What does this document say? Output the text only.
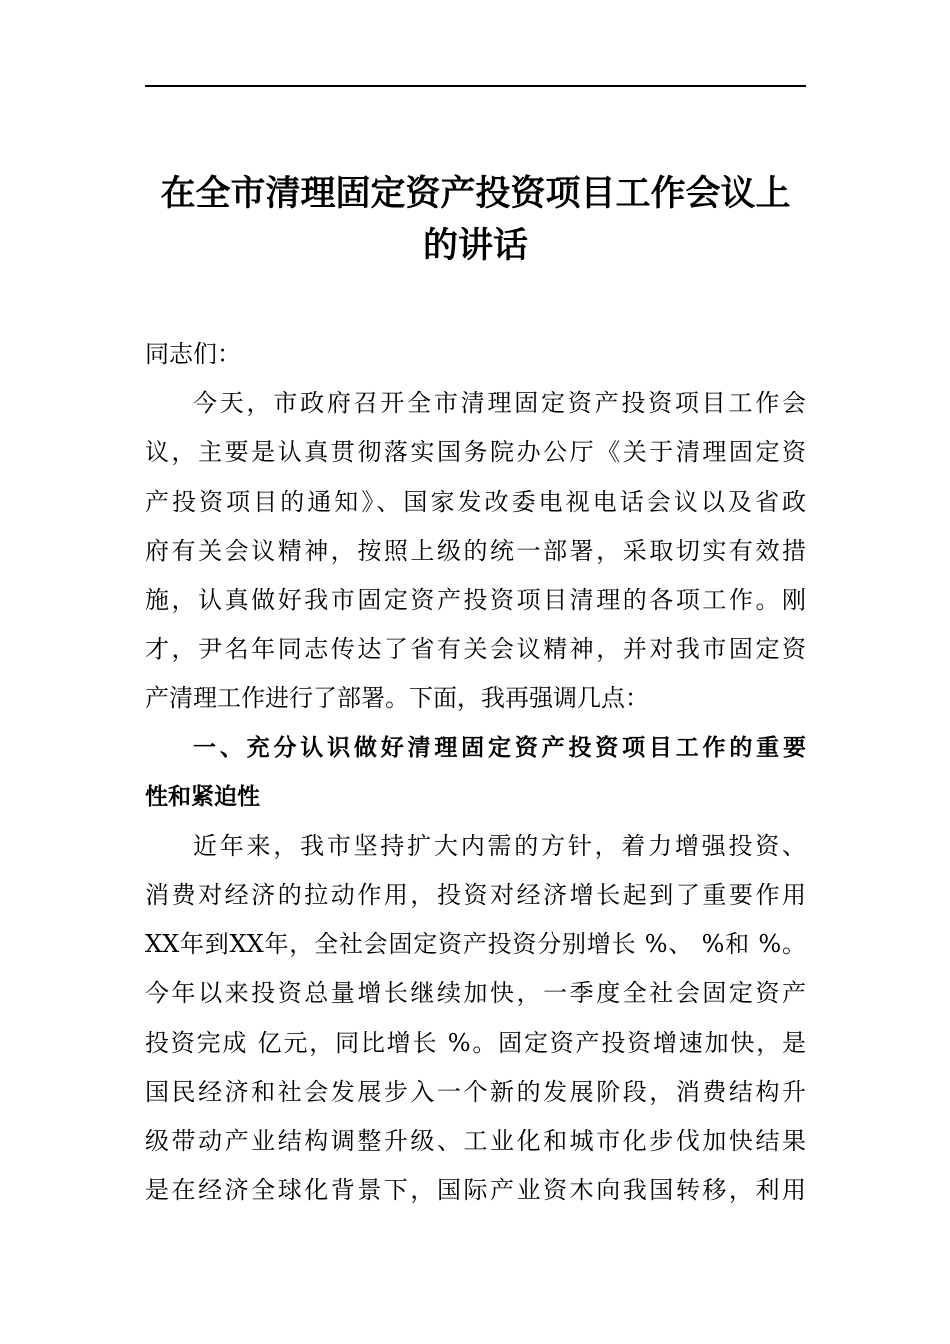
在全市清理固定资产投资项目工作会议上
的讲话
同志们：
今天，市政府召开全市清理固定资产投资项目工作会
议，主要是认真贯彻落实国务院办公厅《关于清理固定资
产投资项目的通知》、国家发改委电视电话会议以及省政
府有关会议精神，按照上级的统一部署，采取切实有效措
施，认真做好我市固定资产投资项目清理的各项工作。刚
才，尹名年同志传达了省有关会议精神，并对我市固定资
产清理工作进行了部署。下面，我再强调几点：
一、充分认识做好清理固定资产投资项目工作的重要
性和紧迫性
近年来，我市坚持扩大内需的方针，着力增强投资、
消费对经济的拉动作用，投资对经济增长起到了重要作用
XX年到XX年，全社会固定资产投资分别增长 %、 %和 %。
今年以来投资总量增长继续加快，一季度全社会固定资产
投资完成 亿元，同比增长 %。固定资产投资增速加快，是
国民经济和社会发展步入一个新的发展阶段，消费结构升
级带动产业结构调整升级、工业化和城市化步伐加快结果
是在经济全球化背景下，国际产业资木向我国转移，利用
